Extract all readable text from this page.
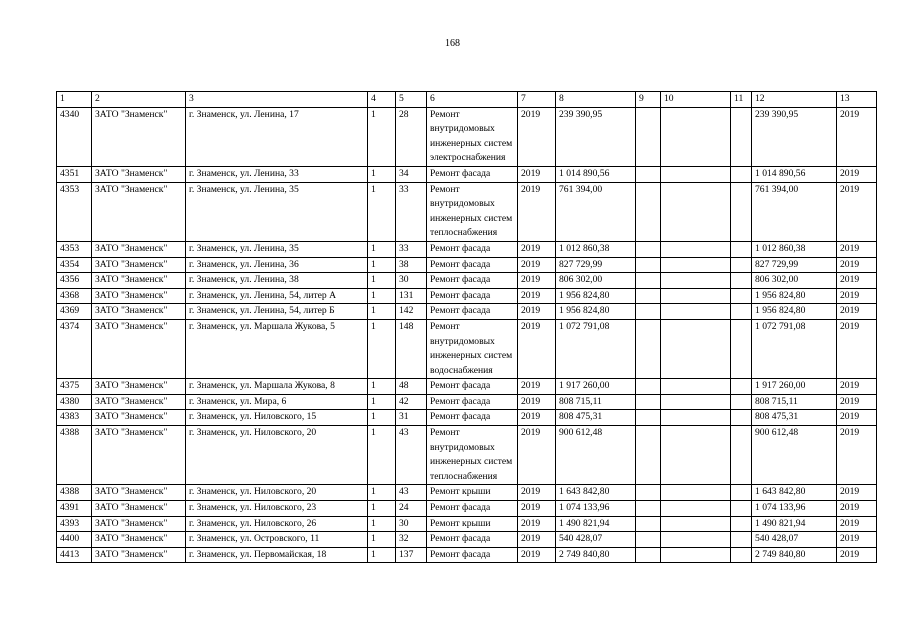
168
1	2	3	4	5	6	7	8	9	10	11	12	13
4340	ЗАТО "Знаменск"	г. Знаменск, ул. Ленина, 17	1	28	Ремонт внутридомовых инженерных систем электроснабжения	2019	239 390,95				239 390,95	2019
4351	ЗАТО "Знаменск"	г. Знаменск, ул. Ленина, 33	1	34	Ремонт фасада	2019	1 014 890,56				1 014 890,56	2019
4353	ЗАТО "Знаменск"	г. Знаменск, ул. Ленина, 35	1	33	Ремонт внутридомовых инженерных систем теплоснабжения	2019	761 394,00				761 394,00	2019
4353	ЗАТО "Знаменск"	г. Знаменск, ул. Ленина, 35	1	33	Ремонт фасада	2019	1 012 860,38				1 012 860,38	2019
4354	ЗАТО "Знаменск"	г. Знаменск, ул. Ленина, 36	1	38	Ремонт фасада	2019	827 729,99				827 729,99	2019
4356	ЗАТО "Знаменск"	г. Знаменск, ул. Ленина, 38	1	30	Ремонт фасада	2019	806 302,00				806 302,00	2019
4368	ЗАТО "Знаменск"	г. Знаменск, ул. Ленина, 54, литер А	1	131	Ремонт фасада	2019	1 956 824,80				1 956 824,80	2019
4369	ЗАТО "Знаменск"	г. Знаменск, ул. Ленина, 54, литер Б	1	142	Ремонт фасада	2019	1 956 824,80				1 956 824,80	2019
4374	ЗАТО "Знаменск"	г. Знаменск, ул. Маршала Жукова, 5	1	148	Ремонт внутридомовых инженерных систем водоснабжения	2019	1 072 791,08				1 072 791,08	2019
4375	ЗАТО "Знаменск"	г. Знаменск, ул. Маршала Жукова, 8	1	48	Ремонт фасада	2019	1 917 260,00				1 917 260,00	2019
4380	ЗАТО "Знаменск"	г. Знаменск, ул. Мира, 6	1	42	Ремонт фасада	2019	808 715,11				808 715,11	2019
4383	ЗАТО "Знаменск"	г. Знаменск, ул. Ниловского, 15	1	31	Ремонт фасада	2019	808 475,31				808 475,31	2019
4388	ЗАТО "Знаменск"	г. Знаменск, ул. Ниловского, 20	1	43	Ремонт внутридомовых инженерных систем теплоснабжения	2019	900 612,48				900 612,48	2019
4388	ЗАТО "Знаменск"	г. Знаменск, ул. Ниловского, 20	1	43	Ремонт крыши	2019	1 643 842,80				1 643 842,80	2019
4391	ЗАТО "Знаменск"	г. Знаменск, ул. Ниловского, 23	1	24	Ремонт фасада	2019	1 074 133,96				1 074 133,96	2019
4393	ЗАТО "Знаменск"	г. Знаменск, ул. Ниловского, 26	1	30	Ремонт крыши	2019	1 490 821,94				1 490 821,94	2019
4400	ЗАТО "Знаменск"	г. Знаменск, ул. Островского, 11	1	32	Ремонт фасада	2019	540 428,07				540 428,07	2019
4413	ЗАТО "Знаменск"	г. Знаменск, ул. Первомайская, 18	1	137	Ремонт фасада	2019	2 749 840,80				2 749 840,80	2019
